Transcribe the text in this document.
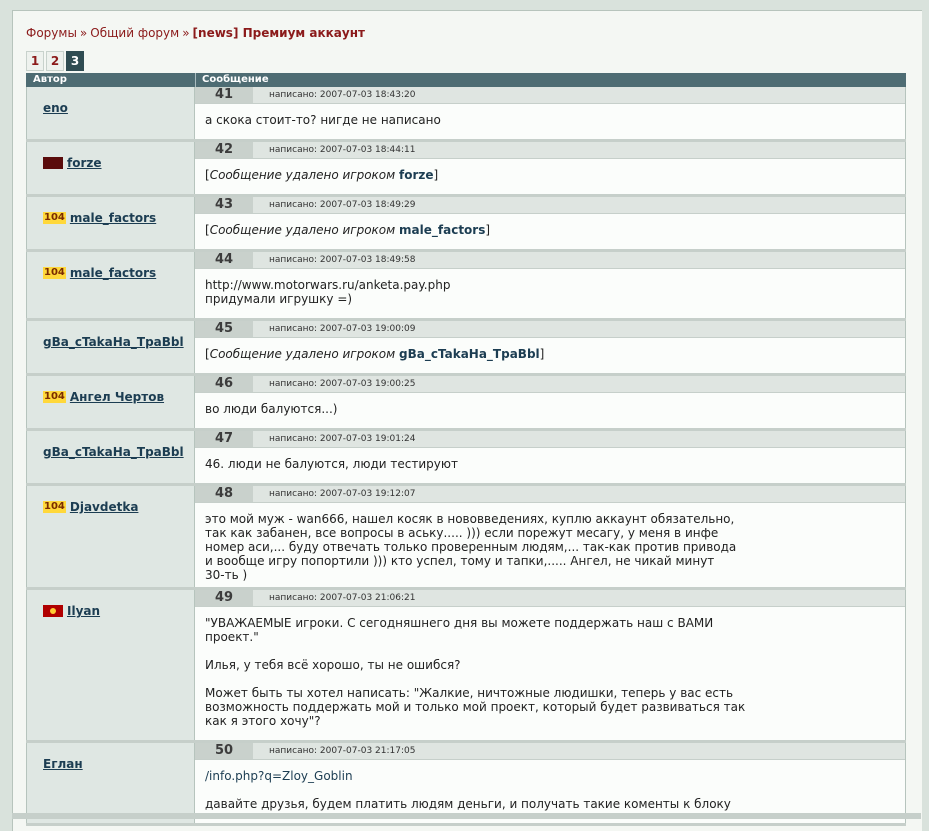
Форумы » Общий форум » [news] Премиум аккаунт
1 2 3
Автор	Сообщение
eno
41	написано: 2007-07-03 18:43:20
а скока стоит-то? нигде не написано
forze
42	написано: 2007-07-03 18:44:11
[Сообщение удалено игроком forze]
104 male_factors
43	написано: 2007-07-03 18:49:29
[Сообщение удалено игроком male_factors]
104 male_factors
44	написано: 2007-07-03 18:49:58
http://www.motorwars.ru/anketa.pay.php
придумали игрушку =)
gBa_cTakaHa_TpaBbl
45	написано: 2007-07-03 19:00:09
[Сообщение удалено игроком gBa_cTakaHa_TpaBbl]
104 Ангел Чертов
46	написано: 2007-07-03 19:00:25
во люди балуются...)
gBa_cTakaHa_TpaBbl
47	написано: 2007-07-03 19:01:24
46. люди не балуются, люди тестируют
104 Djavdetka
48	написано: 2007-07-03 19:12:07
это мой муж - wan666, нашел косяк в нововведениях, куплю аккаунт обязательно,
так как забанен, все вопросы в аську..... ))) если порежут месагу, у меня в инфе
номер аси,... буду отвечать только проверенным людям,... так-как против привода
и вообще игру попортили ))) кто успел, тому и тапки,..... Ангел, не чикай минут
30-ть )
Ilyan
49	написано: 2007-07-03 21:06:21
"УВАЖАЕМЫЕ игроки. С сегодняшнего дня вы можете поддержать наш с ВАМИ
проект."

Илья, у тебя всё хорошо, ты не ошибся?

Может быть ты хотел написать: "Жалкие, ничтожные людишки, теперь у вас есть
возможность поддержать мой и только мой проект, который будет развиваться так
как я этого хочу"?
Еглан
50	написано: 2007-07-03 21:17:05
/info.php?q=Zloy_Goblin
давайте друзья, будем платить людям деньги, и получать такие коменты к блоку
